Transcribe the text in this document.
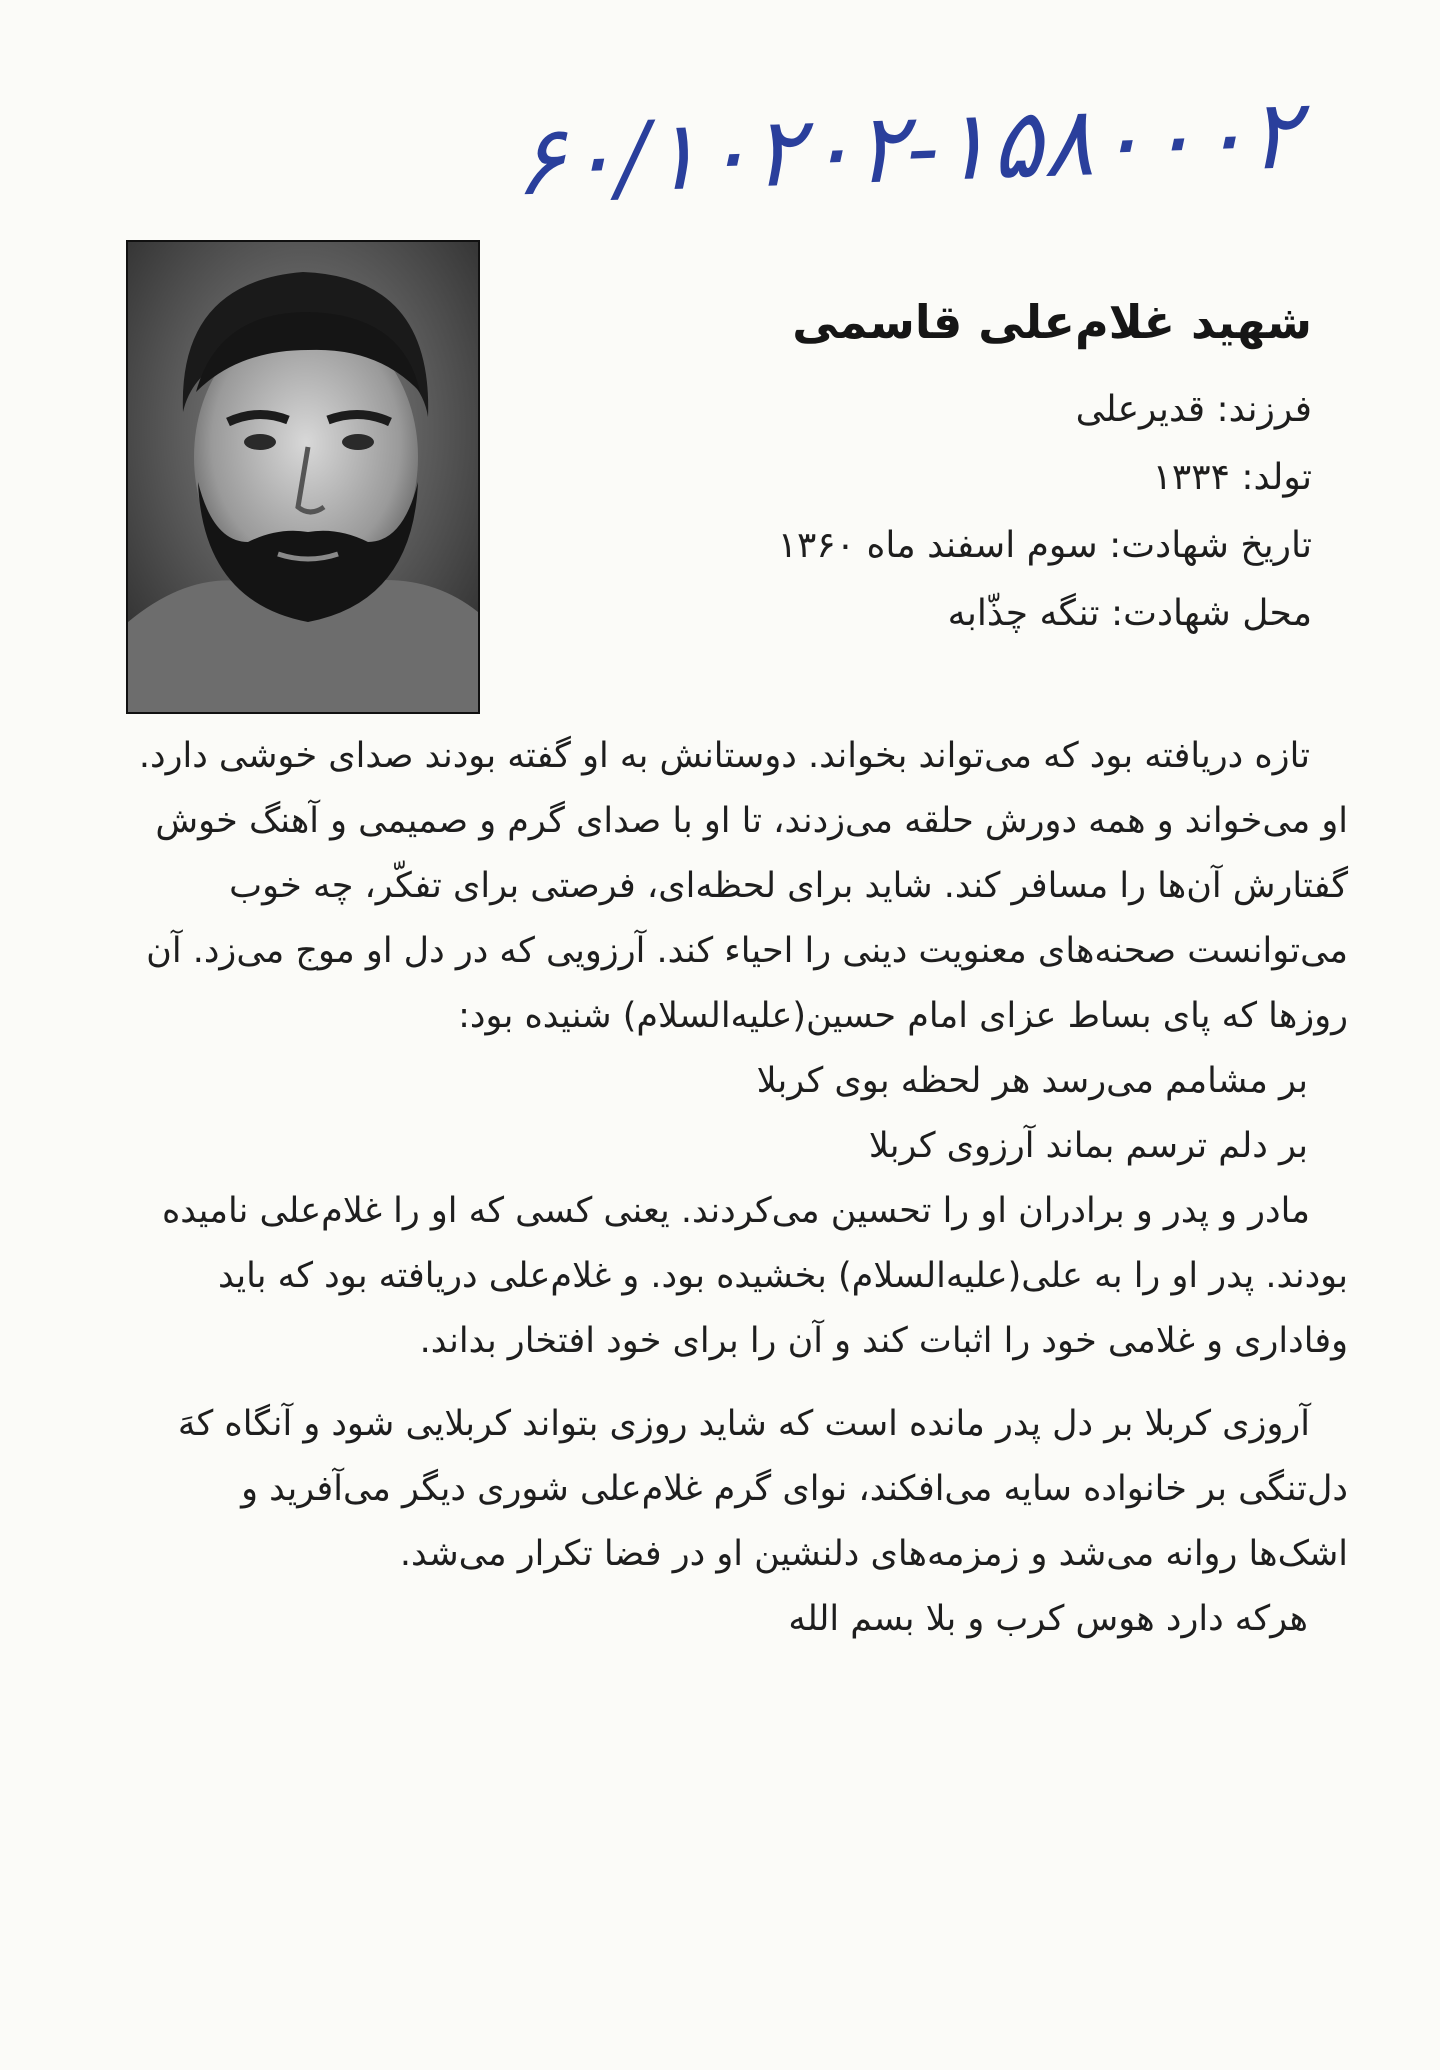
۶۰/۱۰۲۰۲-۱۵۸۰۰۰۲
شهید غلام‌علی قاسمی

فرزند: قدیرعلی

تولد: ۱۳۳۴

تاریخ شهادت: سوم اسفند ماه ۱۳۶۰

محل شهادت: تنگه چذّابه

تازه دریافته بود که می‌تواند بخواند. دوستانش به او گفته بودند صدای خوشی دارد. او می‌خواند و همه دورش حلقه می‌زدند، تا او با صدای گرم و صمیمی و آهنگ خوش گفتارش آن‌ها را مسافر کند. شاید برای لحظه‌ای، فرصتی برای تفکّر، چه خوب می‌توانست صحنه‌های معنویت دینی را احیاء کند. آرزویی که در دل او موج می‌زد. آن روزها که پای بساط عزای امام حسین(علیه‌السلام) شنیده بود:

بر مشامم می‌رسد هر لحظه بوی کربلا

بر دلم ترسم بماند آرزوی کربلا

مادر و پدر و برادران او را تحسین می‌کردند. یعنی کسی که او را غلام‌علی نامیده بودند. پدر او را به علی(علیه‌السلام) بخشیده بود. و غلام‌علی دریافته بود که باید وفاداری و غلامی خود را اثبات کند و آن را برای خود افتخار بداند.

آروزی کربلا بر دل پدر مانده است که شاید روزی بتواند کربلایی شود و آنگاه کهَ دل‌تنگی بر خانواده سایه می‌افکند، نوای گرم غلام‌علی شوری دیگر می‌آفرید و اشک‌ها روانه می‌شد و زمزمه‌های دلنشین او در فضا تکرار می‌شد.

هرکه دارد هوس کرب و بلا بسم الله
